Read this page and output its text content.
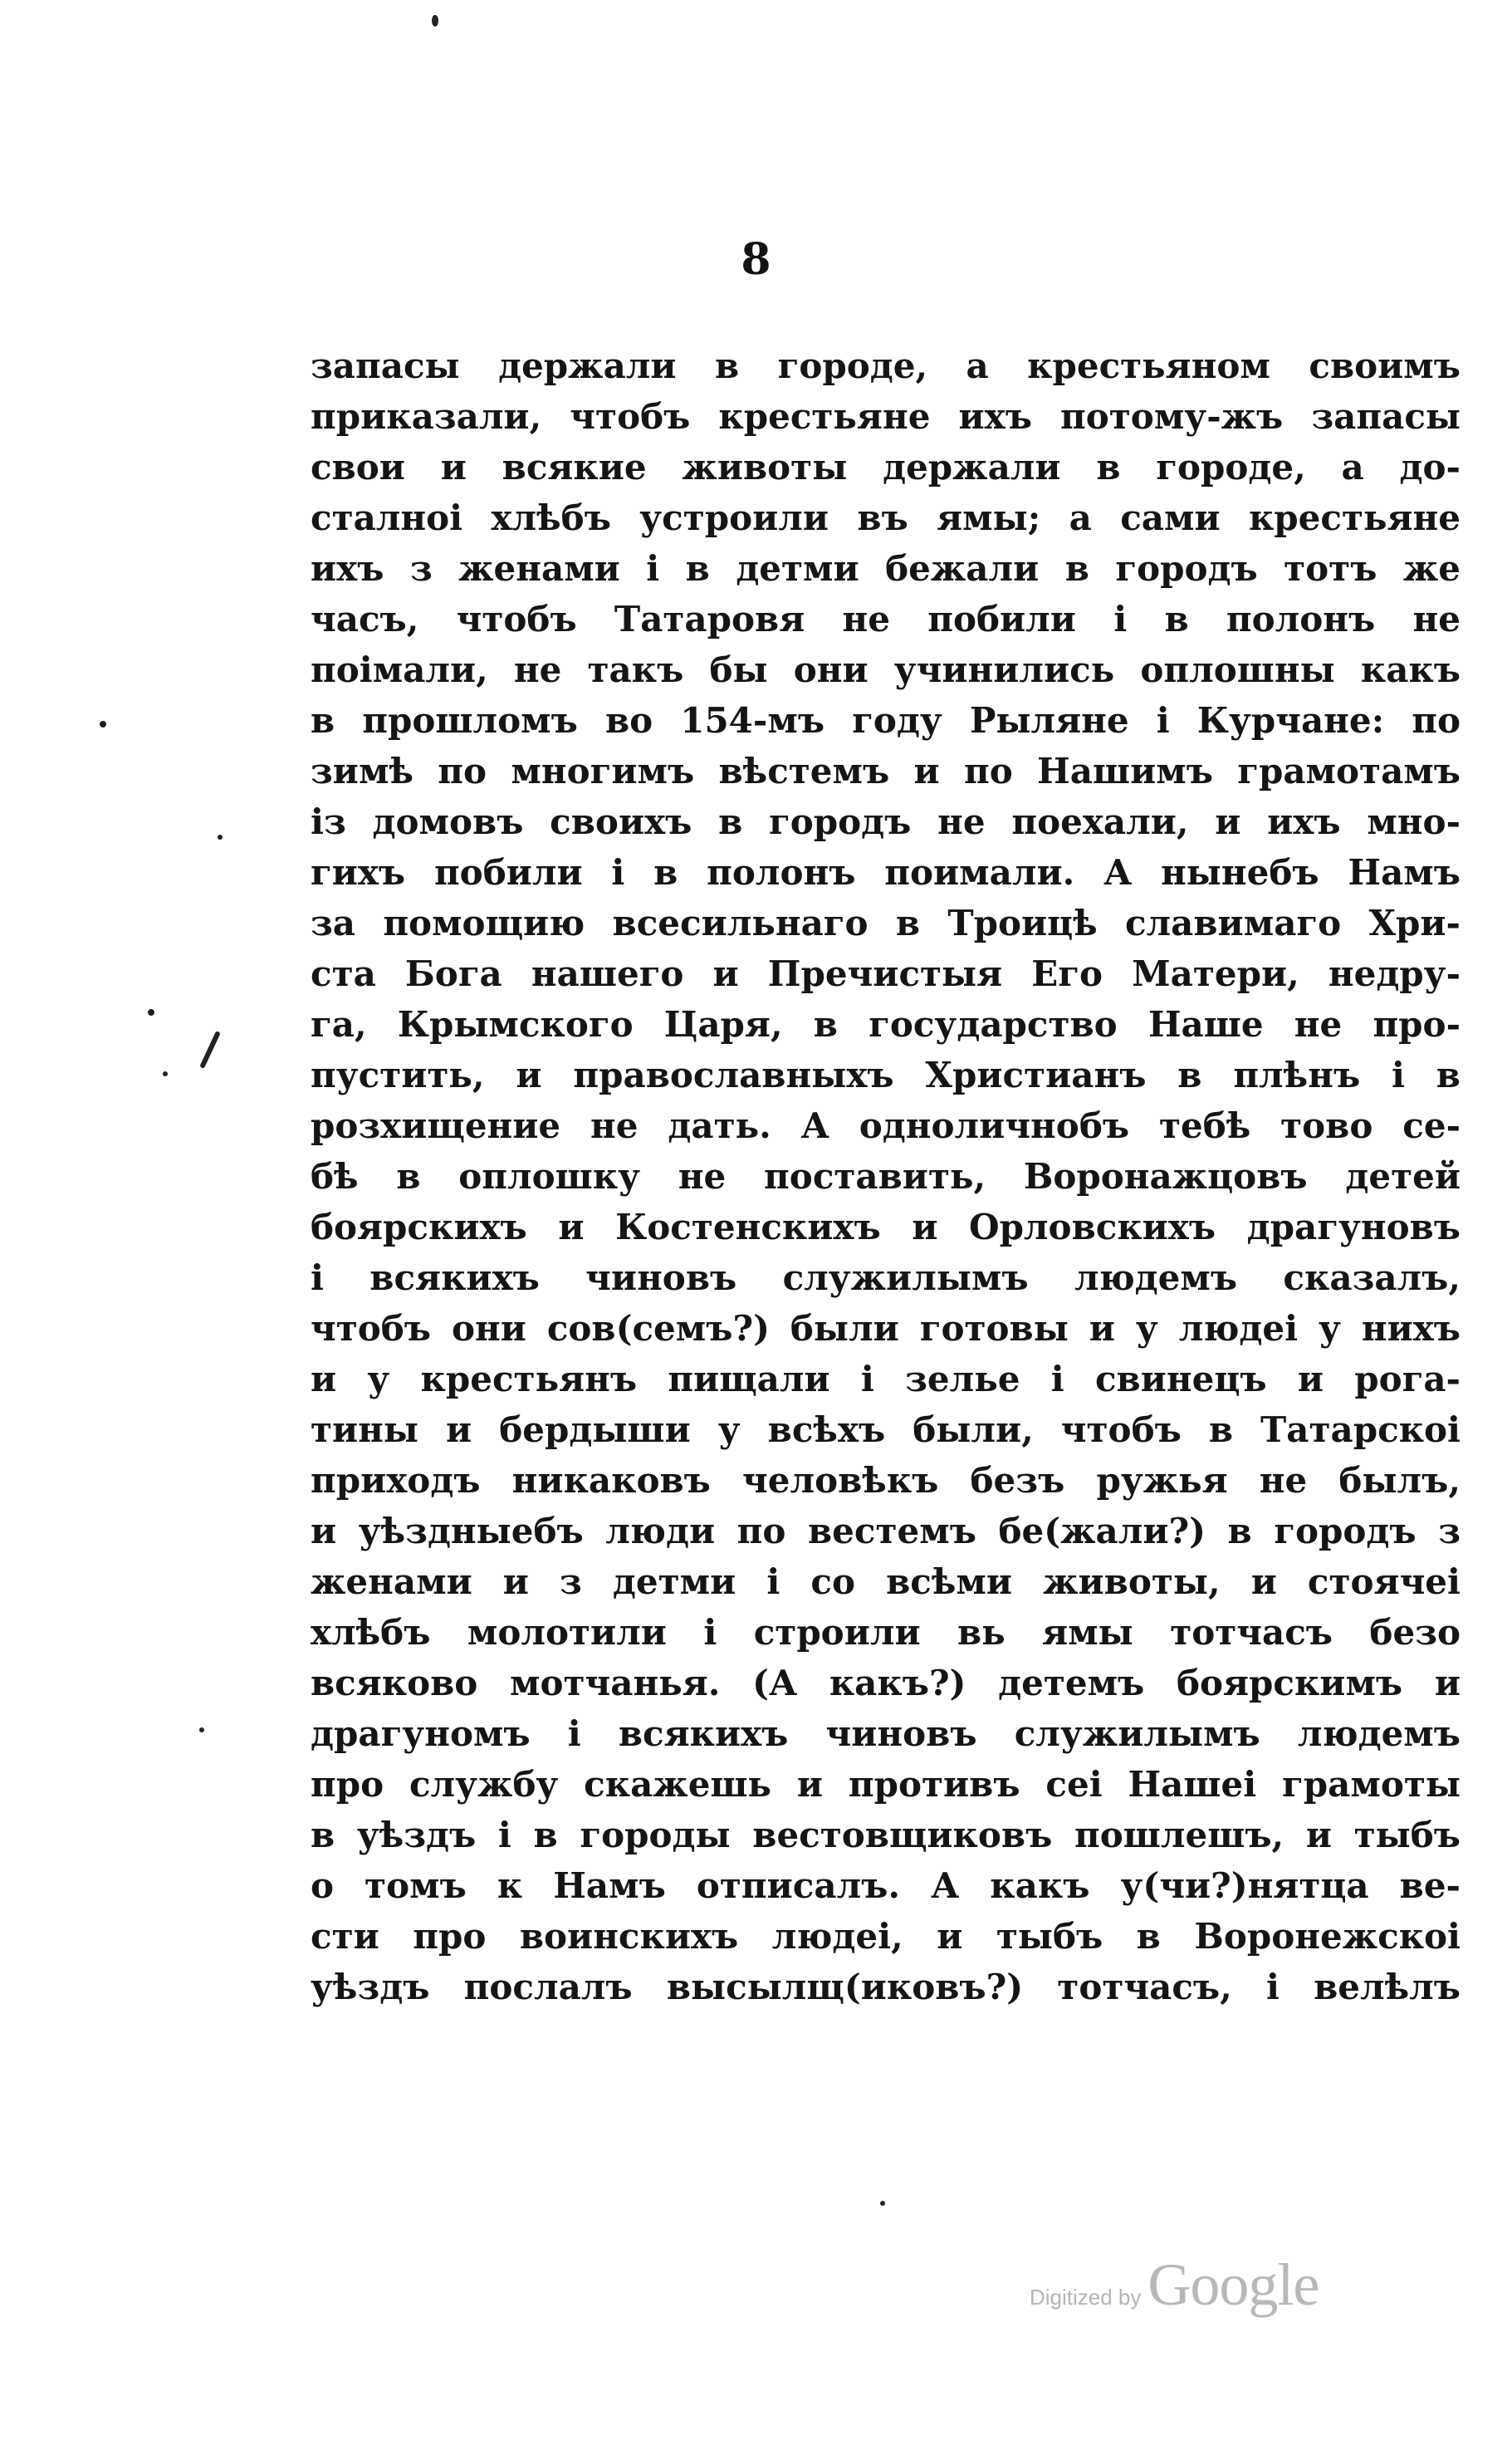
8
запасы держали в городе, а крестьяном своимъ
приказали, чтобъ крестьяне ихъ потому-жъ запасы
свои и всякие животы держали в городе, а до-
сталноi хлѣбъ устроили въ ямы; а сами крестьяне
ихъ з женами i в детми бежали в городъ тотъ же
часъ, чтобъ Татаровя не побили i в полонъ не
поiмали, не такъ бы они учинились оплошны какъ
в прошломъ во 154-мъ году Рыляне i Курчане: по
зимѣ по многимъ вѣстемъ и по Нашимъ грамотамъ
iз домовъ своихъ в городъ не поехали, и ихъ мно-
гихъ побили i в полонъ поимали. А нынебъ Намъ
за помощию всесильнаго в Троицѣ славимаго Хри-
ста Бога нашего и Пречистыя Его Матери, недру-
га, Крымского Царя, в государство Наше не про-
пустить, и православныхъ Христианъ в плѣнъ i в
розхищение не дать. А одноличнобъ тебѣ тово се-
бѣ в оплошку не поставить, Воронажцовъ детей
боярскихъ и Костенскихъ и Орловскихъ драгуновъ
i всякихъ чиновъ служилымъ людемъ сказалъ,
чтобъ они сов(семъ?) были готовы и у людеi у нихъ
и у крестьянъ пищали i зелье i свинецъ и рога-
тины и бердыши у всѣхъ были, чтобъ в Татарскоi
приходъ никаковъ человѣкъ безъ ружья не былъ,
и уѣздныебъ люди по вестемъ бе(жали?) в городъ з
женами и з детми i со всѣми животы, и стоячеi
хлѣбъ молотили i строили вь ямы тотчасъ безо
всяково мотчанья. (А какъ?) детемъ боярскимъ и
драгуномъ i всякихъ чиновъ служилымъ людемъ
про службу скажешь и противъ сеi Нашеi грамоты
в уѣздъ i в городы вестовщиковъ пошлешъ, и тыбъ
о томъ к Намъ отписалъ. А какъ у(чи?)нятца ве-
сти про воинскихъ людеi, и тыбъ в Воронежскоi
уѣздъ послалъ высылщ(иковъ?) тотчасъ, i велѣлъ
Digitized by Google
